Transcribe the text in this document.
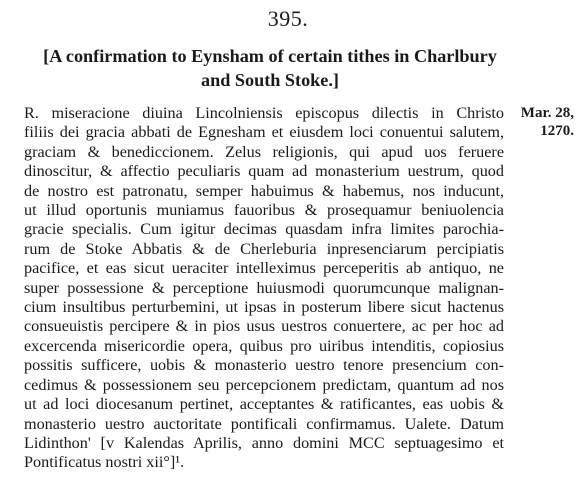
395.
[A confirmation to Eynsham of certain tithes in Charlbury
and South Stoke.]
R. miseracione diuina Lincolniensis episcopus dilectis in Christo
filiis dei gracia abbati de Egnesham et eiusdem loci conuentui salutem,
graciam & benediccionem. Zelus religionis, qui apud uos feruere
dinoscitur, & affectio peculiaris quam ad monasterium uestrum, quod
de nostro est patronatu, semper habuimus & habemus, nos inducunt,
ut illud oportunis muniamus fauoribus & prosequamur beniuolencia
gracie specialis. Cum igitur decimas quasdam infra limites parochia-
rum de Stoke Abbatis & de Cherleburia inpresenciarum percipiatis
pacifice, et eas sicut ueraciter intelleximus perceperitis ab antiquo, ne
super possessione & perceptione huiusmodi quorumcunque malignan-
cium insultibus perturbemini, ut ipsas in posterum libere sicut hactenus
consueuistis percipere & in pios usus uestros conuertere, ac per hoc ad
excercenda misericordie opera, quibus pro uiribus intenditis, copiosius
possitis sufficere, uobis & monasterio uestro tenore presencium con-
cedimus & possessionem seu percepcionem predictam, quantum ad nos
ut ad loci diocesanum pertinet, acceptantes & ratificantes, eas uobis &
monasterio uestro auctoritate pontificali confirmamus. Ualete. Datum
Lidinthon' [v Kalendas Aprilis, anno domini MCC septuagesimo et
Pontificatus nostri xii°]¹.
Mar. 28,
1270.
